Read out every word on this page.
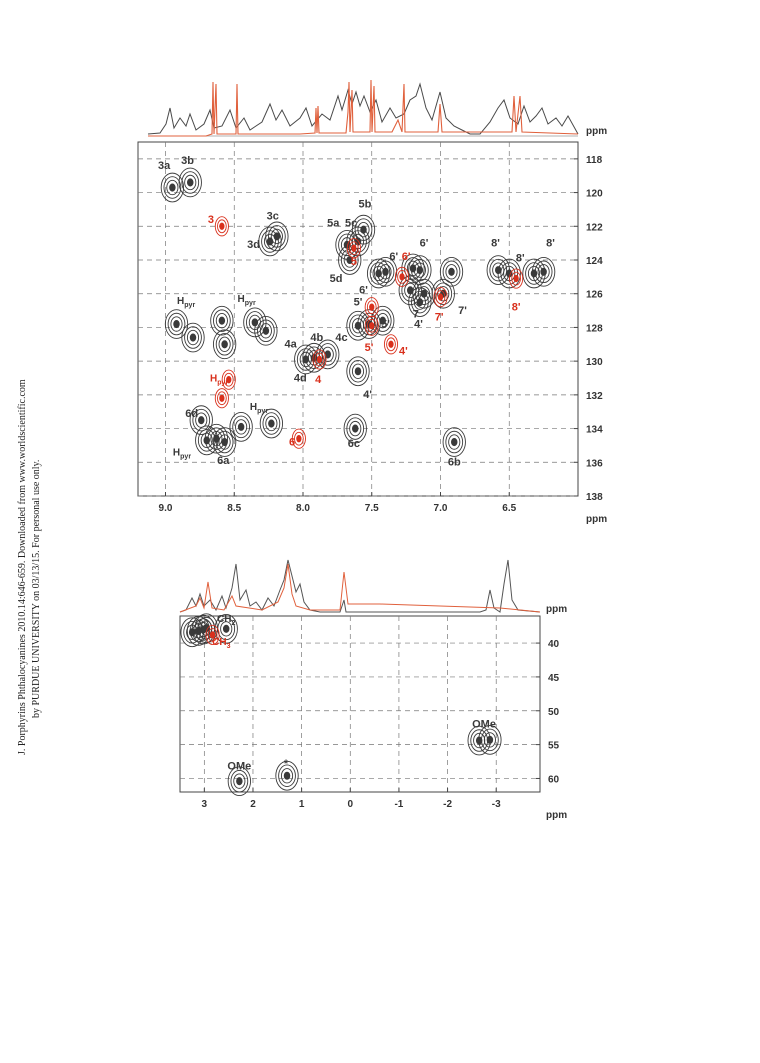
J. Porphyrins Phthalocyanines 2010.14:646-659. Downloaded from www.worldscientific.com by PURDUE UNIVERSITY on 03/13/15. For personal use only.
ppm
9.0	8.5	8.0	7.5	7.0	6.5
118
120
122
124
126
128
130
132
134
136
138
3a 3b
3	3c
3d
5a 5c
5b
5
5d
6' 6'
6'
6'
8'
8'
8'
8'
5'
7 7'
7'
5' 4'
5' 4'
4a
4b 4c
4d 4
4'
6d
6	6c
6a	6b
$H_{pyr}$
$H_{pyr}$
$H_{pyr}$
$H_{pyr}$
$H_{pyr}$
ppm
ppm
3	2	1	0	-1	-2	-3
40
45
50
55
60
OMe	*
OMe
$CH_2$
$CH_3$
ppm
